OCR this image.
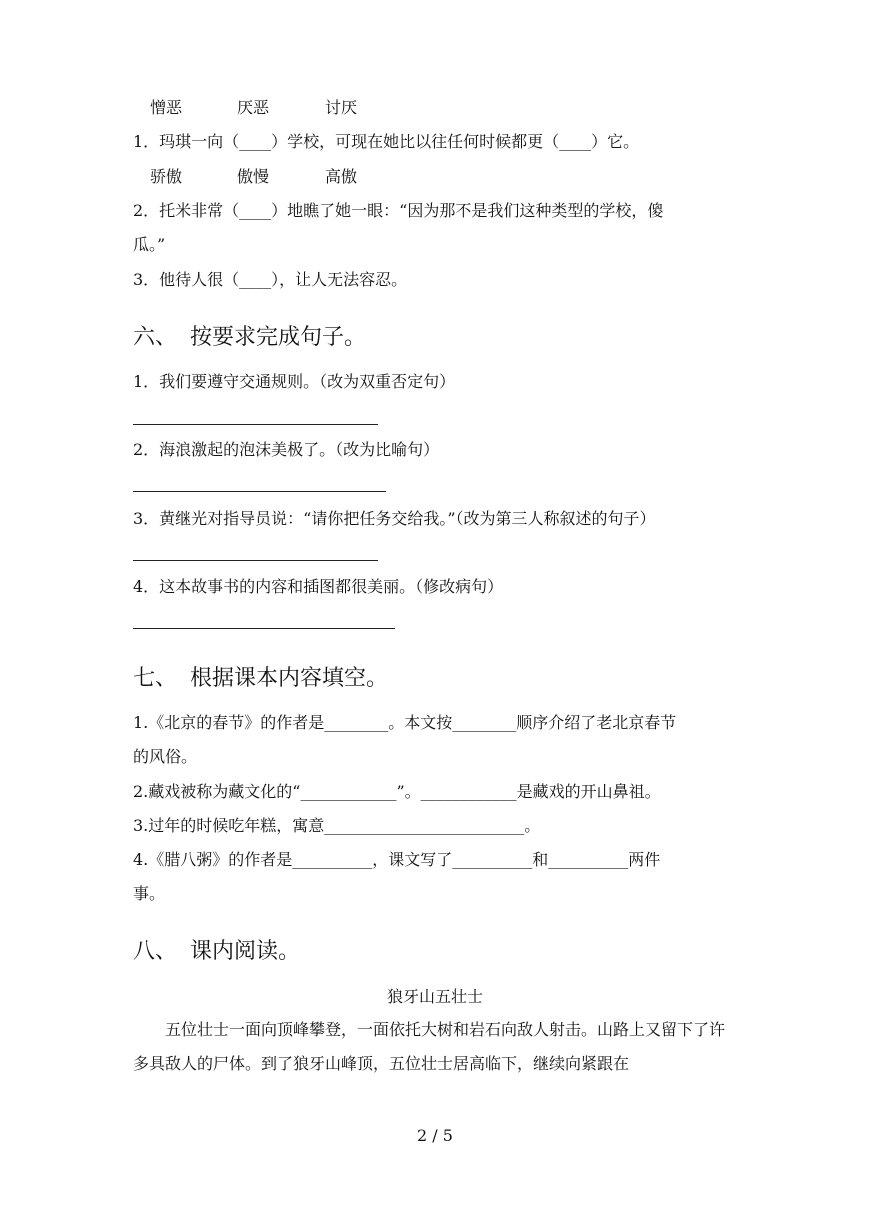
憎恶	厌恶	讨厌
1．玛琪一向（____）学校，可现在她比以往任何时候都更（____）它。
骄傲	傲慢	高傲
2．托米非常（____）地瞧了她一眼：“因为那不是我们这种类型的学校，傻
瓜。”
3．他待人很（____），让人无法容忍。
六、 按要求完成句子。
1．我们要遵守交通规则。（改为双重否定句）
2．海浪激起的泡沫美极了。（改为比喻句）
3．黄继光对指导员说：“请你把任务交给我。”（改为第三人称叙述的句子）
4．这本故事书的内容和插图都很美丽。（修改病句）
七、 根据课本内容填空。
1.《北京的春节》的作者是________。本文按________顺序介绍了老北京春节
的风俗。
2.藏戏被称为藏文化的“____________”。____________是藏戏的开山鼻祖。
3.过年的时候吃年糕，寓意_________________________。
4.《腊八粥》的作者是__________，课文写了__________和__________两件
事。
八、 课内阅读。
狼牙山五壮士
五位壮士一面向顶峰攀登，一面依托大树和岩石向敌人射击。山路上又留下了许多具敌人的尸体。到了狼牙山峰顶，五位壮士居高临下，继续向紧跟在
2 / 5
